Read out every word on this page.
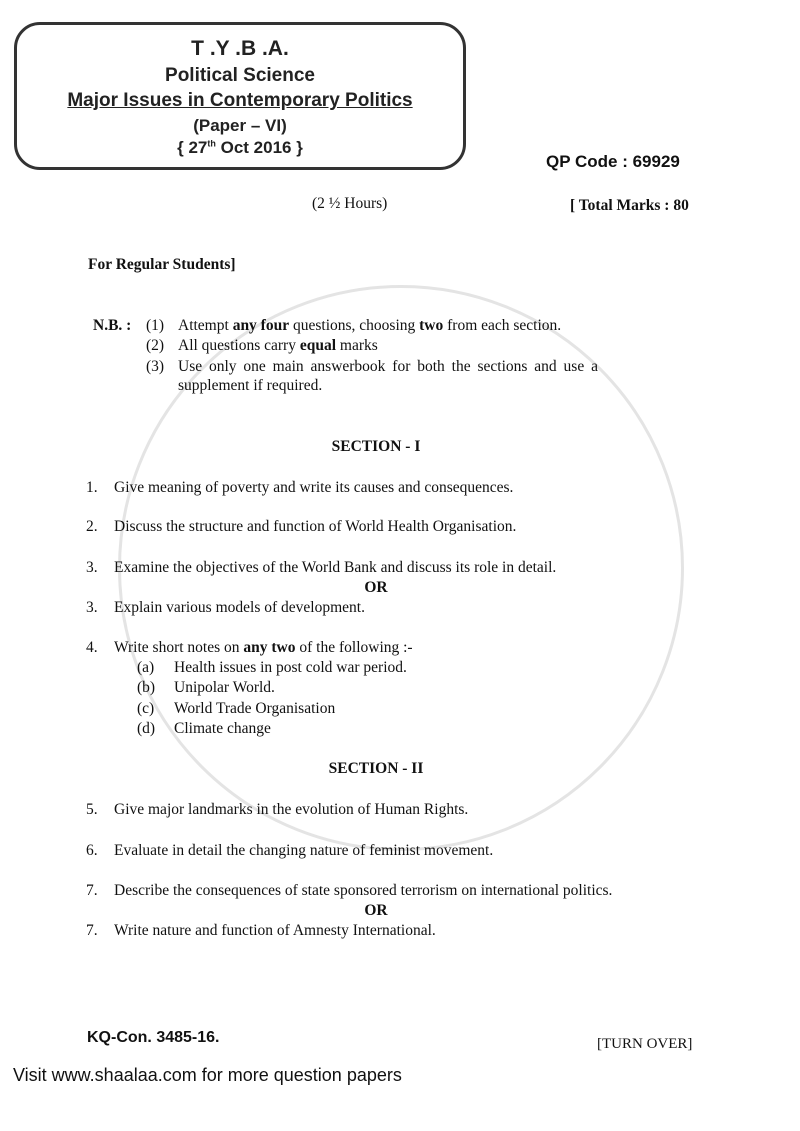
T .Y .B .A.
Political Science
Major Issues in Contemporary Politics
(Paper – VI)
{ 27th Oct 2016 }
QP Code : 69929
(2 ½ Hours)	[ Total Marks : 80
For Regular Students]
N.B. : (1) Attempt any four questions, choosing two from each section.
(2) All questions carry equal marks
(3) Use only one main answerbook for both the sections and use a
supplement if required.
SECTION - I
1. Give meaning of poverty and write its causes and consequences.
2. Discuss the structure and function of World Health Organisation.
3. Examine the objectives of the World Bank and discuss its role in detail.
OR
3. Explain various models of development.
4. Write short notes on any two of the following :-
(a) Health issues in post cold war period.
(b) Unipolar World.
(c) World Trade Organisation
(d) Climate change
SECTION - II
5. Give major landmarks in the evolution of Human Rights.
6. Evaluate in detail the changing nature of feminist movement.
7. Describe the consequences of state sponsored terrorism on international politics.
OR
7. Write nature and function of Amnesty International.
KQ-Con. 3485-16.	[TURN OVER]
Visit www.shaalaa.com for more question papers
